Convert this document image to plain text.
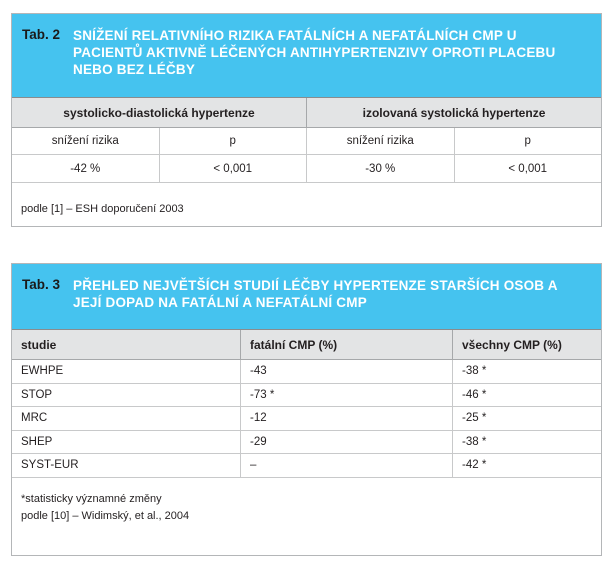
Tab. 2 SNÍŽENÍ RELATIVNÍHO RIZIKA FATÁLNÍCH A NEFATÁLNÍCH CMP U PACIENTŮ AKTIVNĚ LÉČENÝCH ANTIHYPERTENZIVY OPROTI PLACEBU NEBO BEZ LÉČBY
systolicko-diastolická hypertenze	izolovaná systolická hypertenze
snížení rizika	p	snížení rizika	p
-42 %	< 0,001	-30 %	< 0,001
podle [1] – ESH doporučení 2003
Tab. 3 PŘEHLED NEJVĚTŠÍCH STUDIÍ LÉČBY HYPERTENZE STARŠÍCH OSOB A JEJÍ DOPAD NA FATÁLNÍ A NEFATÁLNÍ CMP
studie	fatální CMP (%)	všechny CMP (%)
EWHPE	-43	-38 *
STOP	-73 *	-46 *
MRC	-12	-25 *
SHEP	-29	-38 *
SYST-EUR	–	-42 *
*statisticky významné změny
podle [10] – Widimský, et al., 2004
